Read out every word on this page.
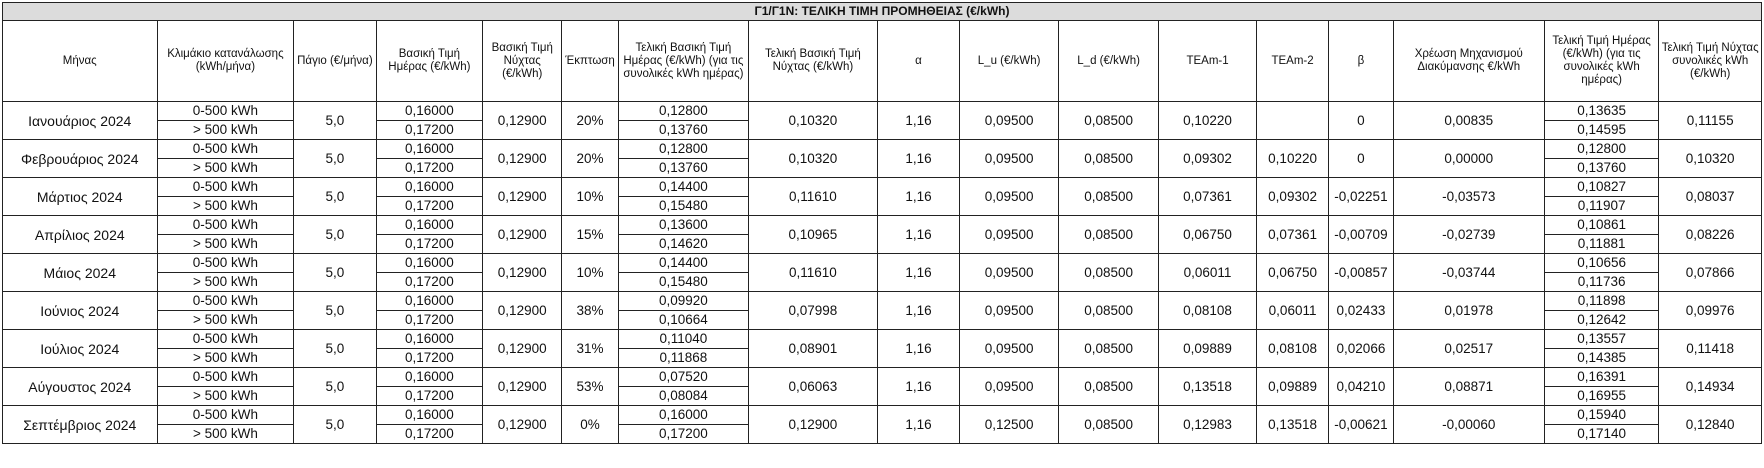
Γ1/Γ1Ν: ΤΕΛΙΚΗ ΤΙΜΗ ΠΡΟΜΗΘΕΙΑΣ (€/kWh)																
Μήνας	Κλιμάκιο κατανάλωσης (kWh/μήνα)	Πάγιο (€/μήνα)	Βασική Τιμή Ημέρας (€/kWh)	Βασική Τιμή Νύχτας (€/kWh)	Έκπτωση	Τελική Βασική Τιμή Ημέρας (€/kWh) (για τις συνολικές kWh ημέρας)	Τελική Βασική Τιμή Νύχτας (€/kWh)	α	L_u (€/kWh)	L_d (€/kWh)	TEAm-1	TEAm-2	β	Χρέωση Μηχανισμού Διακύμανσης €/kWh	Τελική Τιμή Ημέρας (€/kWh) (για τις συνολικές kWh ημέρας)	Τελική Τιμή Νύχτας συνολικές kWh (€/kWh)
Ιανουάριος 2024	0-500 kWh	5,0	0,16000	0,12900	20%	0,12800	0,10320	1,16	0,09500	0,08500	0,10220		0	0,00835	0,13635	0,11155
	> 500 kWh		0,17200			0,13760									0,14595	
Φεβρουάριος 2024	0-500 kWh	5,0	0,16000	0,12900	20%	0,12800	0,10320	1,16	0,09500	0,08500	0,09302	0,10220	0	0,00000	0,12800	0,10320
	> 500 kWh		0,17200			0,13760									0,13760	
Μάρτιος 2024	0-500 kWh	5,0	0,16000	0,12900	10%	0,14400	0,11610	1,16	0,09500	0,08500	0,07361	0,09302	-0,02251	-0,03573	0,10827	0,08037
	> 500 kWh		0,17200			0,15480									0,11907	
Απρίλιος 2024	0-500 kWh	5,0	0,16000	0,12900	15%	0,13600	0,10965	1,16	0,09500	0,08500	0,06750	0,07361	-0,00709	-0,02739	0,10861	0,08226
	> 500 kWh		0,17200			0,14620									0,11881	
Μάιος 2024	0-500 kWh	5,0	0,16000	0,12900	10%	0,14400	0,11610	1,16	0,09500	0,08500	0,06011	0,06750	-0,00857	-0,03744	0,10656	0,07866
	> 500 kWh		0,17200			0,15480									0,11736	
Ιούνιος 2024	0-500 kWh	5,0	0,16000	0,12900	38%	0,09920	0,07998	1,16	0,09500	0,08500	0,08108	0,06011	0,02433	0,01978	0,11898	0,09976
	> 500 kWh		0,17200			0,10664									0,12642	
Ιούλιος 2024	0-500 kWh	5,0	0,16000	0,12900	31%	0,11040	0,08901	1,16	0,09500	0,08500	0,09889	0,08108	0,02066	0,02517	0,13557	0,11418
	> 500 kWh		0,17200			0,11868									0,14385	
Αύγουστος 2024	0-500 kWh	5,0	0,16000	0,12900	53%	0,07520	0,06063	1,16	0,09500	0,08500	0,13518	0,09889	0,04210	0,08871	0,16391	0,14934
	> 500 kWh		0,17200			0,08084									0,16955	
Σεπτέμβριος 2024	0-500 kWh	5,0	0,16000	0,12900	0%	0,16000	0,12900	1,16	0,12500	0,08500	0,12983	0,13518	-0,00621	-0,00060	0,15940	0,12840
	> 500 kWh		0,17200			0,17200									0,17140	
